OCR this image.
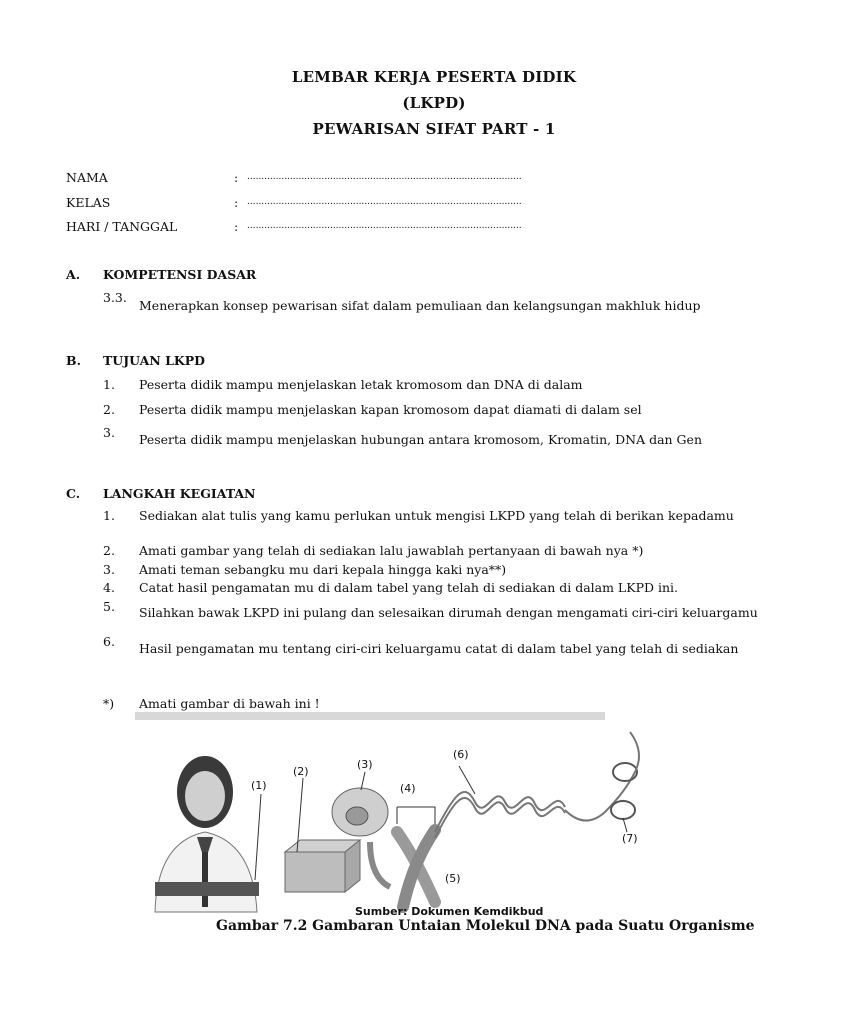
LEMBAR KERJA PESERTA DIDIK
(LKPD)
PEWARISAN SIFAT PART - 1
NAMA	: ................................................................................................
KELAS	: ................................................................................................
HARI / TANGGAL	: ................................................................................................
A. KOMPETENSI DASAR
3.3.
Menerapkan konsep pewarisan sifat dalam pemuliaan dan kelangsungan makhluk hidup
B. TUJUAN LKPD
1. Peserta didik mampu menjelaskan letak kromosom dan DNA di dalam
2. Peserta didik mampu menjelaskan kapan kromosom dapat diamati di dalam sel
3. Peserta didik mampu menjelaskan hubungan antara kromosom, Kromatin, DNA dan Gen
C. LANGKAH KEGIATAN
1. Sediakan alat tulis yang kamu perlukan untuk mengisi LKPD yang telah di berikan kepadamu
2. Amati gambar yang telah di sediakan lalu jawablah pertanyaan di bawah nya *)
3. Amati teman sebangku mu dari kepala hingga kaki nya**)
4. Catat hasil pengamatan mu di dalam tabel yang telah di sediakan di dalam LKPD ini.
5. Silahkan bawak LKPD ini pulang dan selesaikan dirumah dengan mengamati ciri-ciri keluargamu
6. Hasil pengamatan mu tentang ciri-ciri keluargamu catat di dalam tabel yang telah di sediakan
*) Amati gambar di bawah ini !
(1)
(2)
(3)
(4)
(5)
(6)
(7)
Sumber: Dokumen Kemdikbud
Gambar 7.2 Gambaran Untaian Molekul DNA pada Suatu Organisme
